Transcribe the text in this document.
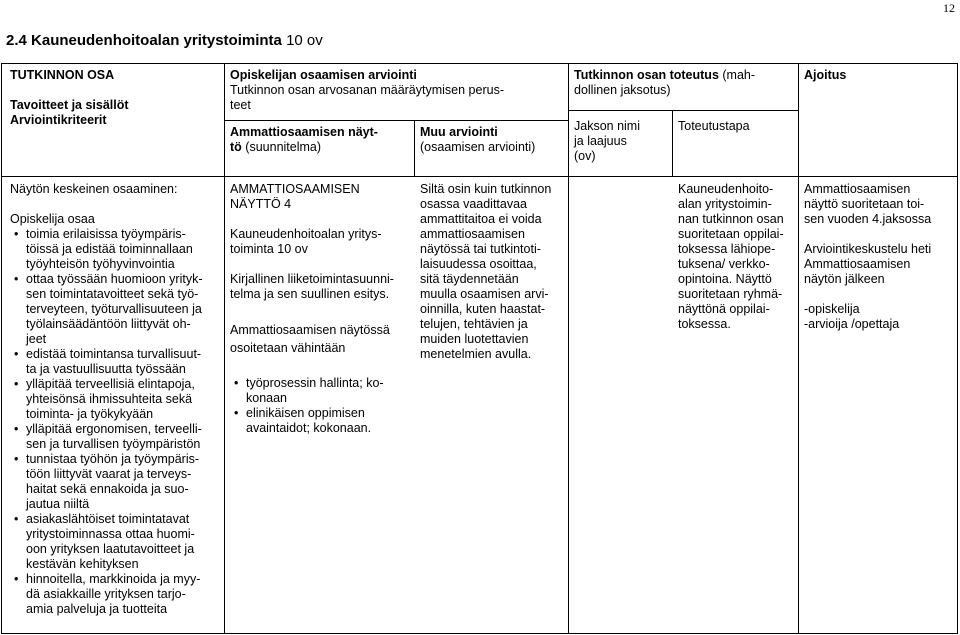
12
2.4 Kauneudenhoitoalan yritystoiminta 10 ov
TUTKINNON OSA
Tavoitteet ja sisällöt
Arviointikriteerit
Opiskelijan osaamisen arviointi
Tutkinnon osan arvosanan määräytymisen perus-
teet
Ammattiosaamisen näyt-
tö (suunnitelma)
Muu arviointi
(osaamisen arviointi)
Tutkinnon osan toteutus (mah-
dollinen jaksotus)
Jakson nimi
ja laajuus
(ov)
Toteutustapa
Ajoitus
Näytön keskeinen osaaminen:
Opiskelija osaa
• toimia erilaisissa työympäris-
töissä ja edistää toiminnallaan
työyhteisön työhyvinvointia
• ottaa työssään huomioon yrityk-
sen toimintatavoitteet sekä työ-
terveyteen, työturvallisuuteen ja
työlainsäädäntöön liittyvät oh-
jeet
• edistää toimintansa turvallisuut-
ta ja vastuullisuutta työssään
• ylläpitää terveellisiä elintapoja,
yhteisönsä ihmissuhteita sekä
toiminta- ja työkykyään
• ylläpitää ergonomisen, terveelli-
sen ja turvallisen työympäristön
• tunnistaa työhön ja työympäris-
töön liittyvät vaarat ja terveys-
haitat sekä ennakoida ja suo-
jautua niiltä
• asiakaslähtöiset toimintatavat
yritystoiminnassa ottaa huomi-
oon yrityksen laatutavoitteet ja
kestävän kehityksen
• hinnoitella, markkinoida ja myy-
dä asiakkaille yrityksen tarjo-
amia palveluja ja tuotteita
AMMATTIOSAAMISEN
NÄYTTÖ 4
Kauneudenhoitoalan yritys-
toiminta 10 ov
Kirjallinen liiketoimintasuunni-
telma ja sen suullinen esitys.
Ammattiosaamisen näytössä
osoitetaan vähintään
• työprosessin hallinta; ko-
konaan
• elinikäisen oppimisen
avaintaidot; kokonaan.
Siltä osin kuin tutkinnon
osassa vaadittavaa
ammattitaitoa ei voida
ammattiosaamisen
näytössä tai tutkintoti-
laisuudessa osoittaa,
sitä täydennetään
muulla osaamisen arvi-
oinnilla, kuten haastat-
telujen, tehtävien ja
muiden luotettavien
menetelmien avulla.
Kauneudenhoito-
alan yritystoimin-
nan tutkinnon osan
suoritetaan oppilai-
toksessa lähiope-
tuksena/ verkko-
opintoina. Näyttö
suoritetaan ryhmä-
näyttönä oppilai-
toksessa.
Ammattiosaamisen
näyttö suoritetaan toi-
sen vuoden 4.jaksossa
Arviointikeskustelu heti
Ammattiosaamisen
näytön jälkeen
-opiskelija
-arvioija /opettaja
